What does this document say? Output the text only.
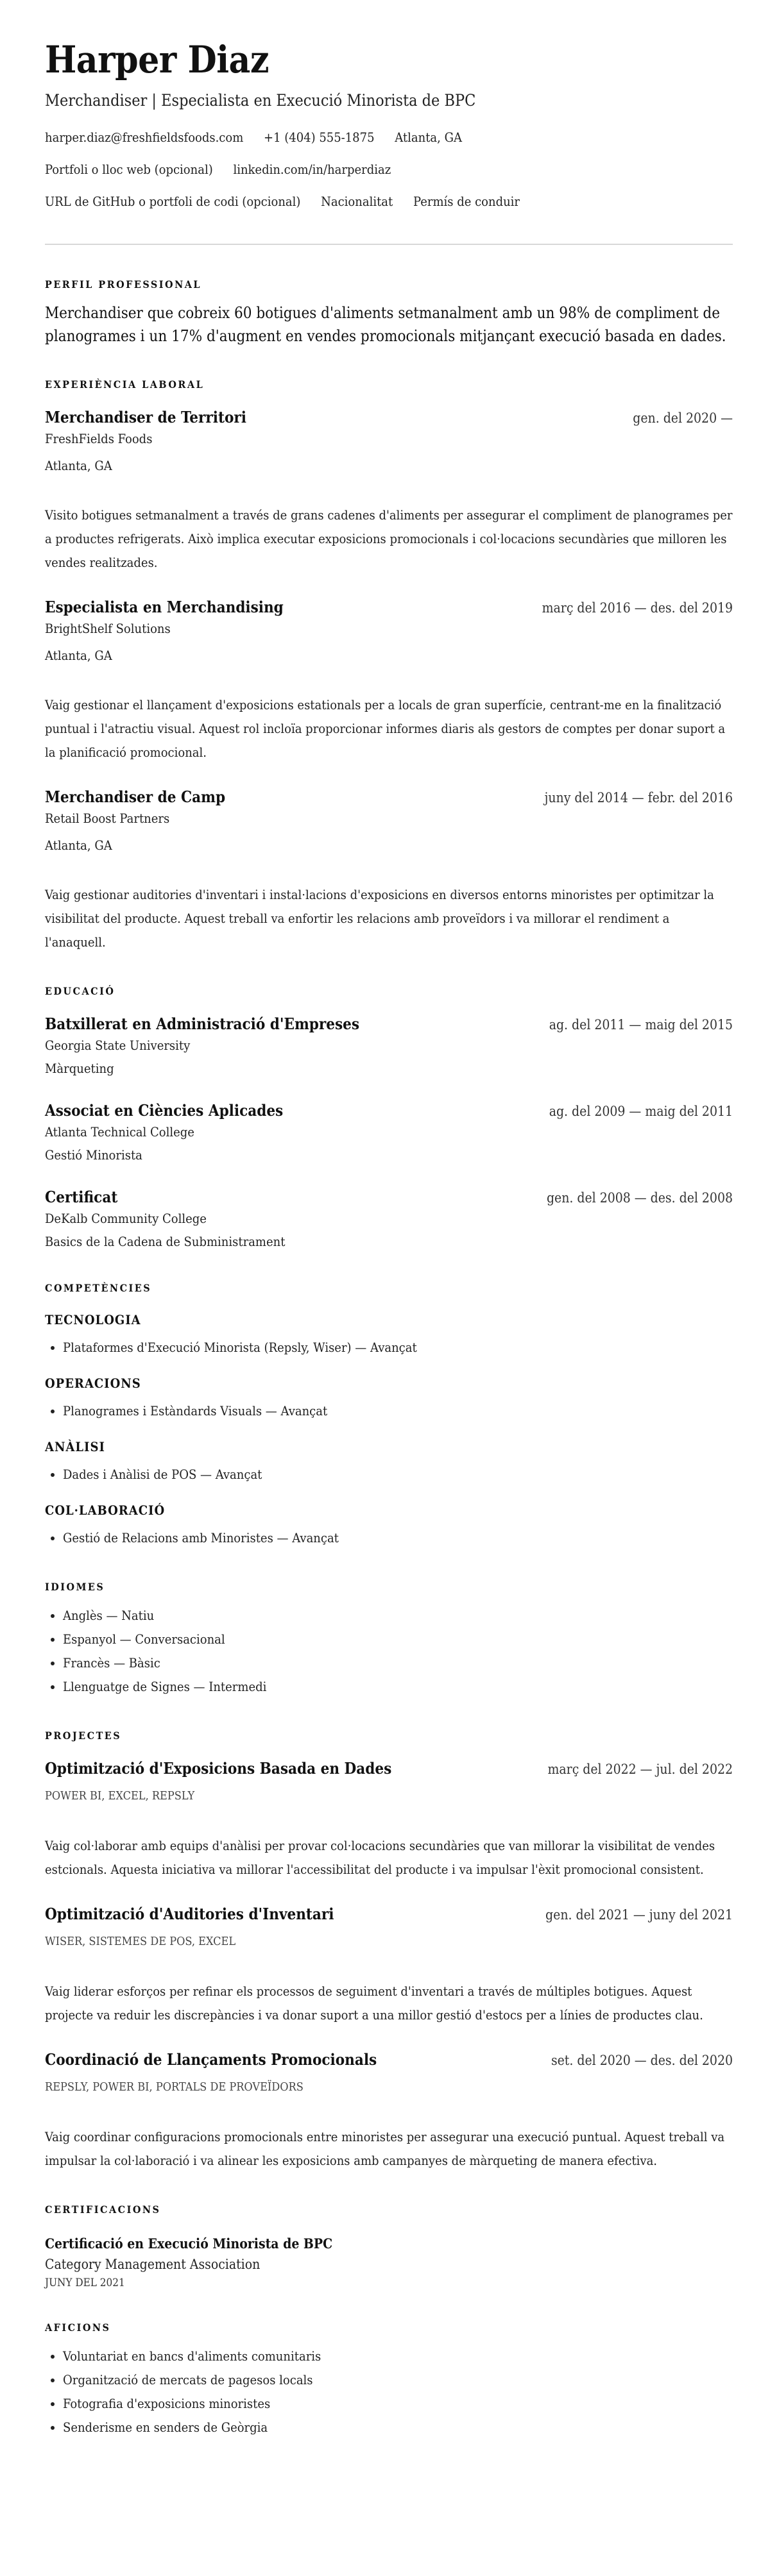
Harper Diaz
Merchandiser | Especialista en Execució Minorista de BPC
harper.diaz@freshfieldsfoods.com +1 (404) 555-1875 Atlanta, GA
Portfoli o lloc web (opcional) linkedin.com/in/harperdiaz
URL de GitHub o portfoli de codi (opcional) Nacionalitat Permís de conduir
PERFIL PROFESSIONAL

Merchandiser que cobreix 60 botigues d'aliments setmanalment amb un 98% de compliment de planogrames i un 17% d'augment en vendes promocionals mitjançant execució basada en dades.

EXPERIÈNCIA LABORAL
Merchandiser de Territori	gen. del 2020 —
FreshFields Foods
Atlanta, GA
Visito botigues setmanalment a través de grans cadenes d'aliments per assegurar el compliment de planogrames per a productes refrigerats. Això implica executar exposicions promocionals i col·locacions secundàries que milloren les vendes realitzades.
Especialista en Merchandising	març del 2016 — des. del 2019
BrightShelf Solutions
Atlanta, GA
Vaig gestionar el llançament d'exposicions estationals per a locals de gran superfície, centrant-me en la finalització puntual i l'atractiu visual. Aquest rol incloïa proporcionar informes diaris als gestors de comptes per donar suport a la planificació promocional.
Merchandiser de Camp	juny del 2014 — febr. del 2016
Retail Boost Partners
Atlanta, GA
Vaig gestionar auditories d'inventari i instal·lacions d'exposicions en diversos entorns minoristes per optimitzar la visibilitat del producte. Aquest treball va enfortir les relacions amb proveïdors i va millorar el rendiment a l'anaquell.
EDUCACIÓ
Batxillerat en Administració d'Empreses	ag. del 2011 — maig del 2015
Georgia State University
Màrqueting
Associat en Ciències Aplicades	ag. del 2009 — maig del 2011
Atlanta Technical College
Gestió Minorista
Certificat	gen. del 2008 — des. del 2008
DeKalb Community College
Basics de la Cadena de Subministrament
COMPETÈNCIES
TECNOLOGIA
• Plataformes d'Execució Minorista (Repsly, Wiser) — Avançat
OPERACIONS
• Planogrames i Estàndards Visuals — Avançat
ANÀLISI
• Dades i Anàlisi de POS — Avançat
COL·LABORACIÓ
• Gestió de Relacions amb Minoristes — Avançat
IDIOMES
• Anglès — Natiu
• Espanyol — Conversacional
• Francès — Bàsic
• Llenguatge de Signes — Intermedi
PROJECTES
Optimització d'Exposicions Basada en Dades	març del 2022 — jul. del 2022
POWER BI, EXCEL, REPSLY
Vaig col·laborar amb equips d'anàlisi per provar col·locacions secundàries que van millorar la visibilitat de vendes estcionals. Aquesta iniciativa va millorar l'accessibilitat del producte i va impulsar l'èxit promocional consistent.
Optimització d'Auditories d'Inventari	gen. del 2021 — juny del 2021
WISER, SISTEMES DE POS, EXCEL
Vaig liderar esforços per refinar els processos de seguiment d'inventari a través de múltiples botigues. Aquest projecte va reduir les discrepàncies i va donar suport a una millor gestió d'estocs per a línies de productes clau.
Coordinació de Llançaments Promocionals	set. del 2020 — des. del 2020
REPSLY, POWER BI, PORTALS DE PROVEÏDORS
Vaig coordinar configuracions promocionals entre minoristes per assegurar una execució puntual. Aquest treball va impulsar la col·laboració i va alinear les exposicions amb campanyes de màrqueting de manera efectiva.
CERTIFICACIONS
Certificació en Execució Minorista de BPC
Category Management Association
JUNY DEL 2021
AFICIONS
• Voluntariat en bancs d'aliments comunitaris
• Organització de mercats de pagesos locals
• Fotografia d'exposicions minoristes
• Senderisme en senders de Geòrgia
